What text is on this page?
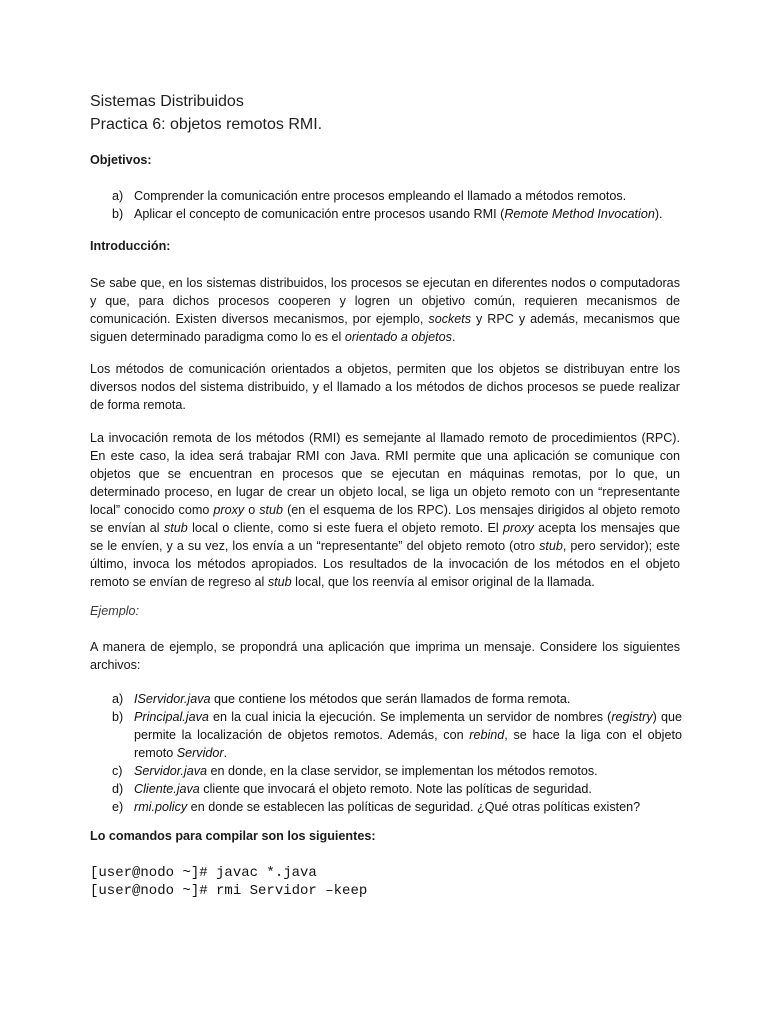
Sistemas Distribuidos
Practica 6: objetos remotos RMI.
Objetivos:
a) Comprender la comunicación entre procesos empleando el llamado a métodos remotos.
b) Aplicar el concepto de comunicación entre procesos usando RMI (Remote Method Invocation).
Introducción:

Se sabe que, en los sistemas distribuidos, los procesos se ejecutan en diferentes nodos o computadoras y que, para dichos procesos cooperen y logren un objetivo común, requieren mecanismos de comunicación. Existen diversos mecanismos, por ejemplo, sockets y RPC y además, mecanismos que siguen determinado paradigma como lo es el orientado a objetos.

Los métodos de comunicación orientados a objetos, permiten que los objetos se distribuyan entre los diversos nodos del sistema distribuido, y el llamado a los métodos de dichos procesos se puede realizar de forma remota.

La invocación remota de los métodos (RMI) es semejante al llamado remoto de procedimientos (RPC). En este caso, la idea será trabajar RMI con Java. RMI permite que una aplicación se comunique con objetos que se encuentran en procesos que se ejecutan en máquinas remotas, por lo que, un determinado proceso, en lugar de crear un objeto local, se liga un objeto remoto con un “representante local” conocido como proxy o stub (en el esquema de los RPC). Los mensajes dirigidos al objeto remoto se envían al stub local o cliente, como si este fuera el objeto remoto. El proxy acepta los mensajes que se le envíen, y a su vez, los envía a un “representante” del objeto remoto (otro stub, pero servidor); este último, invoca los métodos apropiados. Los resultados de la invocación de los métodos en el objeto remoto se envían de regreso al stub local, que los reenvía al emisor original de la llamada.

Ejemplo:

A manera de ejemplo, se propondrá una aplicación que imprima un mensaje. Considere los siguientes archivos:

a) IServidor.java que contiene los métodos que serán llamados de forma remota.
b) Principal.java en la cual inicia la ejecución. Se implementa un servidor de nombres (registry) que permite la localización de objetos remotos. Además, con rebind, se hace la liga con el objeto remoto Servidor.
c) Servidor.java en donde, en la clase servidor, se implementan los métodos remotos.
d) Cliente.java cliente que invocará el objeto remoto. Note las políticas de seguridad.
e) rmi.policy en donde se establecen las políticas de seguridad. ¿Qué otras políticas existen?
Lo comandos para compilar son los siguientes:
[user@nodo ~]# javac *.java
[user@nodo ~]# rmi Servidor –keep
